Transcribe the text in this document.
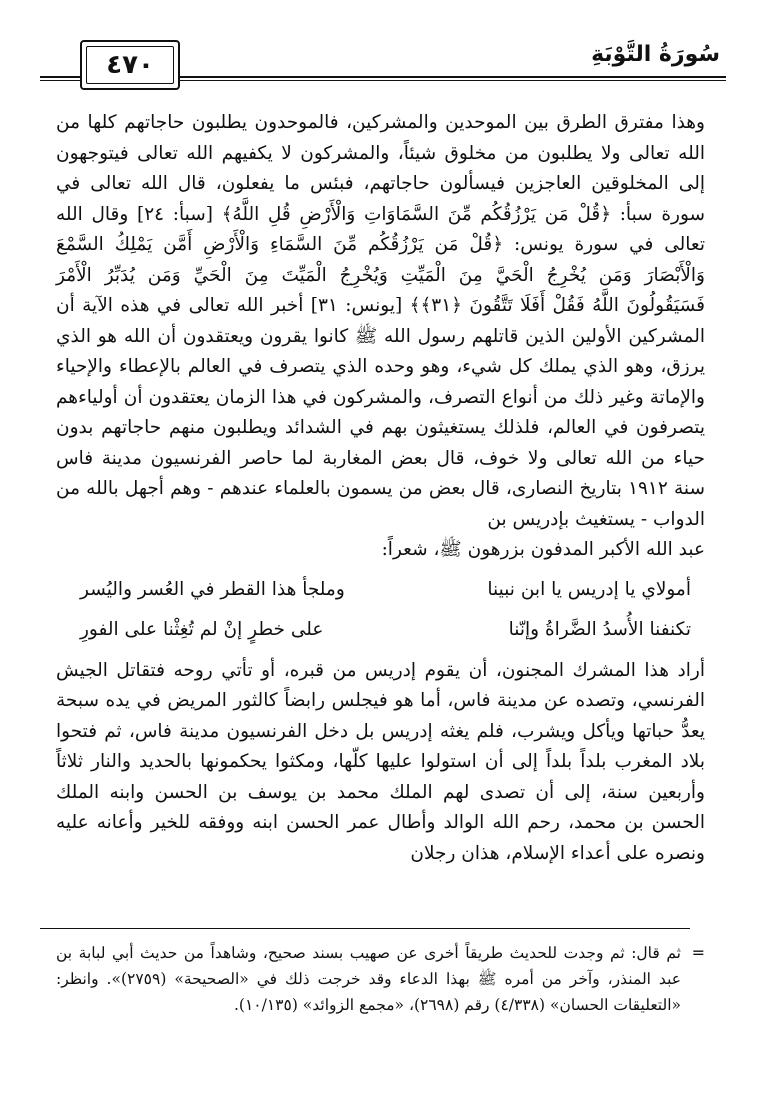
٤٧٠	سُورَةُ التَّوْبَةِ

وهذا مفترق الطرق بين الموحدين والمشركين، فالموحدون يطلبون حاجاتهم كلها من الله تعالى ولا يطلبون من مخلوق شيئاً، والمشركون لا يكفيهم الله تعالى فيتوجهون إلى المخلوقين العاجزين فيسألون حاجاتهم، فبئس ما يفعلون، قال الله تعالى في سورة سبأ: ﴿قُلْ مَن يَرْزُقُكُم مِّنَ السَّمَاوَاتِ وَالْأَرْضِ قُلِ اللَّهُ﴾ [سبأ: ٢٤] وقال الله تعالى في سورة يونس: ﴿قُلْ مَن يَرْزُقُكُم مِّنَ السَّمَاءِ وَالْأَرْضِ أَمَّن يَمْلِكُ السَّمْعَ وَالْأَبْصَارَ وَمَن يُخْرِجُ الْحَيَّ مِنَ الْمَيِّتِ وَيُخْرِجُ الْمَيِّتَ مِنَ الْحَيِّ وَمَن يُدَبِّرُ الْأَمْرَ فَسَيَقُولُونَ اللَّهُ فَقُلْ أَفَلَا تَتَّقُونَ ﴿٣١﴾﴾ [يونس: ٣١] أخبر الله تعالى في هذه الآية أن المشركين الأولين الذين قاتلهم رسول الله ﷺ كانوا يقرون ويعتقدون أن الله هو الذي يرزق، وهو الذي يملك كل شيء، وهو وحده الذي يتصرف في العالم بالإعطاء والإحياء والإماتة وغير ذلك من أنواع التصرف، والمشركون في هذا الزمان يعتقدون أن أولياءهم يتصرفون في العالم، فلذلك يستغيثون بهم في الشدائد ويطلبون منهم حاجاتهم بدون حياء من الله تعالى ولا خوف، قال بعض المغاربة لما حاصر الفرنسيون مدينة فاس سنة ١٩١٢ بتاريخ النصارى، قال بعض من يسمون بالعلماء عندهم - وهم أجهل بالله من الدواب - يستغيث بإدريس بن

عبد الله الأكبر المدفون بزرهون ﷺ، شعراً:

أمولاي يا إدريس يا ابن نبينا
وملجأ هذا القطر في العُسر واليُسر
تكنفنا الأُسدُ الضَّراةُ وإنّنا
على خطرٍ إنْ لم تُغِثْنا على الفورِ

أراد هذا المشرك المجنون، أن يقوم إدريس من قبره، أو تأتي روحه فتقاتل الجيش الفرنسي، وتصده عن مدينة فاس، أما هو فيجلس رابضاً كالثور المريض في يده سبحة يعدُّ حباتها ويأكل ويشرب، فلم يغثه إدريس بل دخل الفرنسيون مدينة فاس، ثم فتحوا بلاد المغرب بلداً بلداً إلى أن استولوا عليها كلّها، ومكثوا يحكمونها بالحديد والنار ثلاثاً وأربعين سنة، إلى أن تصدى لهم الملك محمد بن يوسف بن الحسن وابنه الملك الحسن بن محمد، رحم الله الوالد وأطال عمر الحسن ابنه ووفقه للخير وأعانه عليه ونصره على أعداء الإسلام، هذان رجلان

=
ثم قال: ثم وجدت للحديث طريقاً أخرى عن صهيب بسند صحيح، وشاهداً من حديث أبي لبابة بن عبد المنذر، وآخر من أمره ﷺ بهذا الدعاء وقد خرجت ذلك في «الصحيحة» (٢٧٥٩)». وانظر: «التعليقات الحسان» (٤/٣٣٨) رقم (٢٦٩٨)، «مجمع الزوائد» (١٠/١٣٥).
